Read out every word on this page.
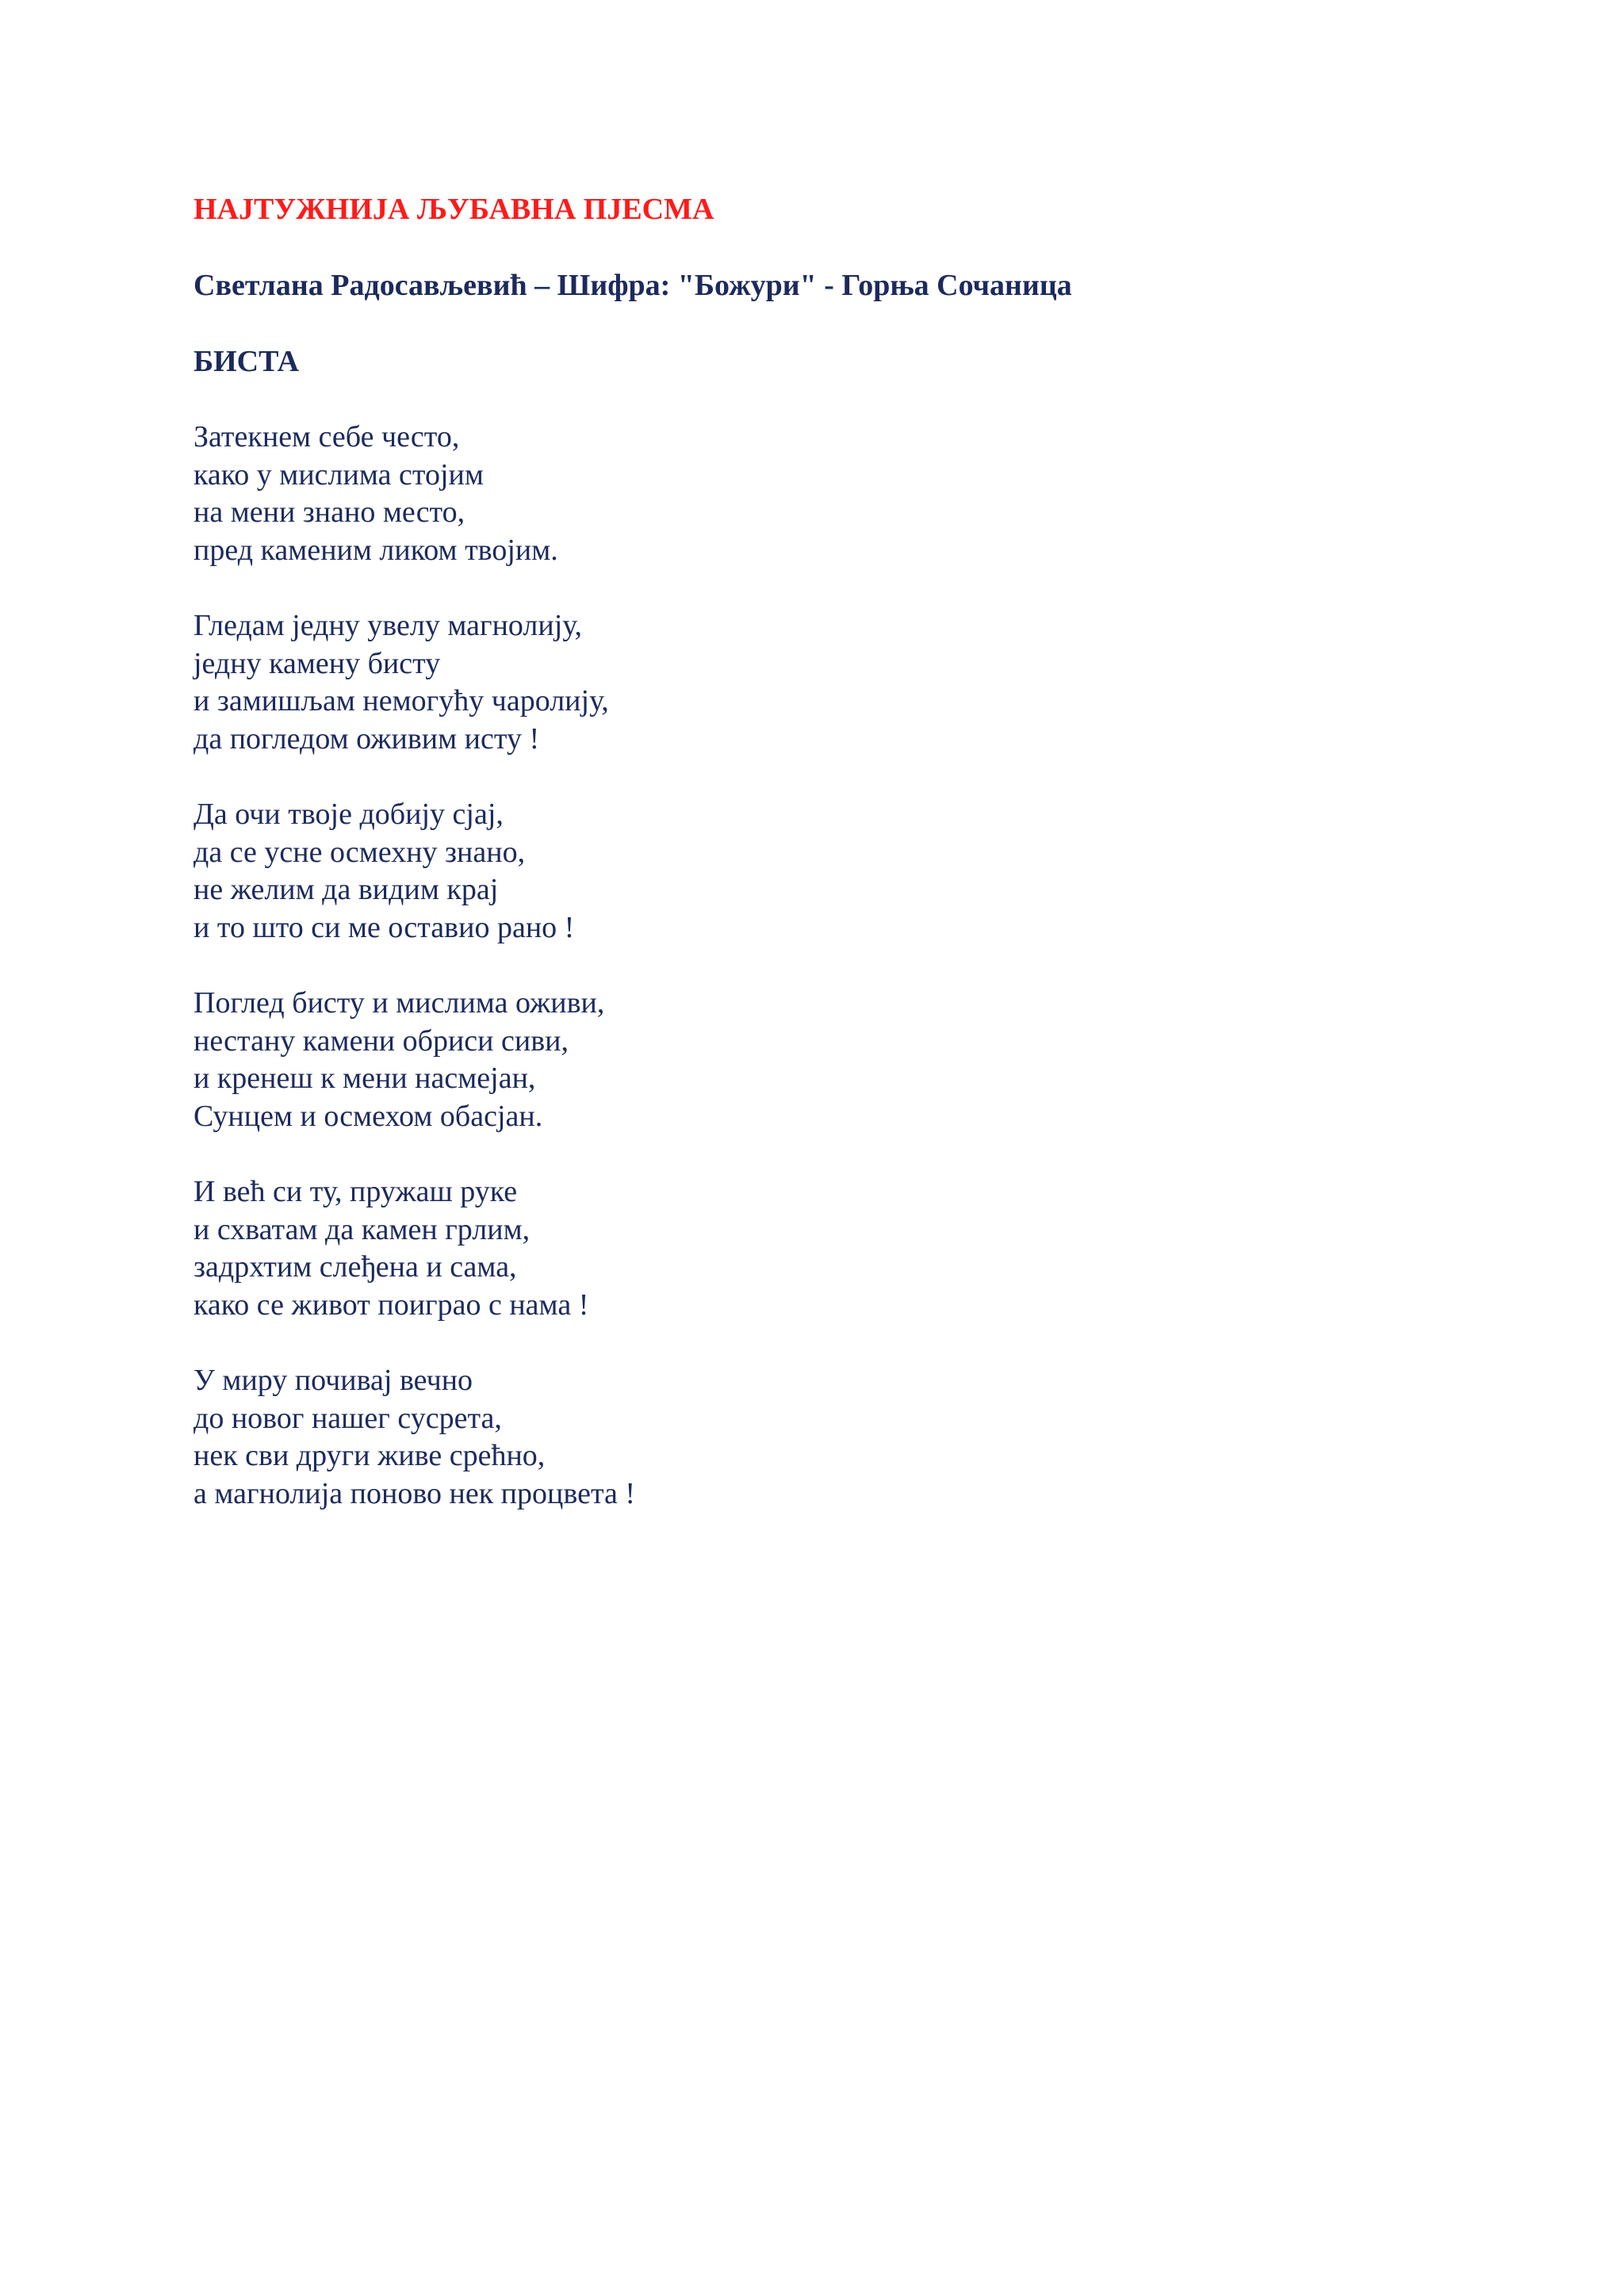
НАЈТУЖНИЈА ЉУБАВНА ПЈЕСМА

Светлана Радосављевић – Шифра: "Божури" - Горња Сочаница

БИСТА
Затекнем себе често,
како у мислима стојим
на мени знано место,
пред каменим ликом твојим.
Гледам једну увелу магнолију,
једну камену бисту
и замишљам немогућу чаролију,
да погледом оживим исту !
Да очи твоје добију сјај,
да се усне осмехну знано,
не желим да видим крај
и то што си ме оставио рано !
Поглед бисту и мислима оживи,
нестану камени обриси сиви,
и кренеш к мени насмејан,
Сунцем и осмехом обасјан.
И већ си ту, пружаш руке
и схватам да камен грлим,
задрхтим слеђена и сама,
како се живот поиграо с нама !
У миру почивај вечно
до новог нашег сусрета,
нек сви други живе срећно,
а магнолија поново нек процвета !
